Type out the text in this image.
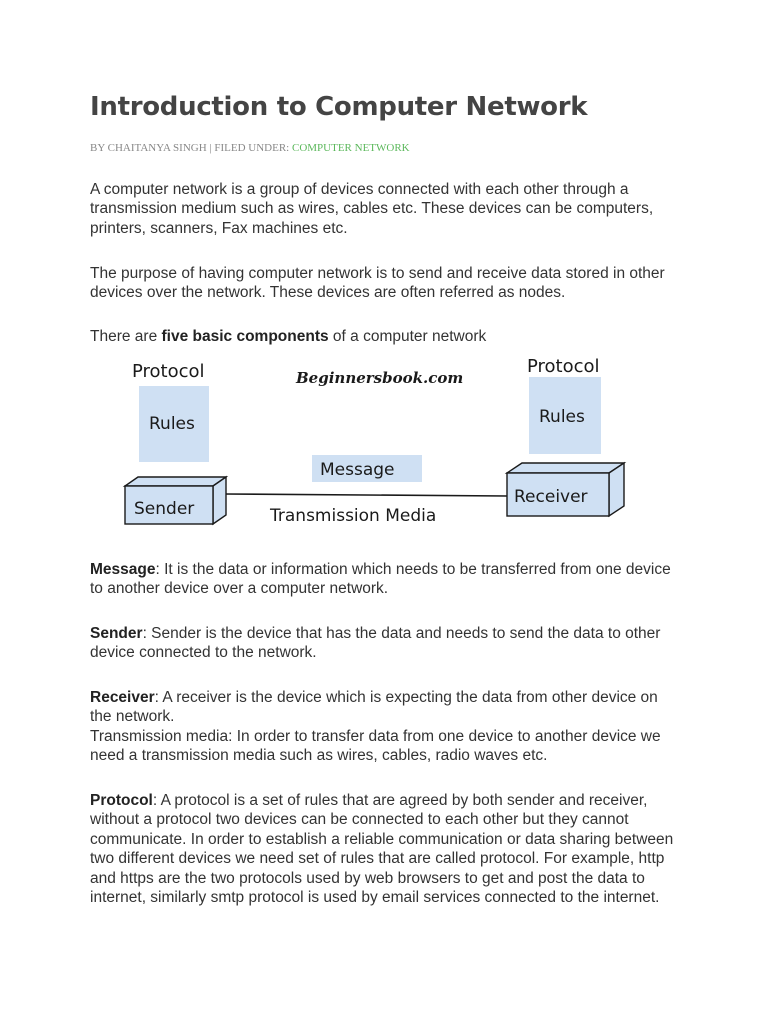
Introduction to Computer Network
BY CHAITANYA SINGH | FILED UNDER: COMPUTER NETWORK

A computer network is a group of devices connected with each other through a transmission medium such as wires, cables etc. These devices can be computers, printers, scanners, Fax machines etc.

The purpose of having computer network is to send and receive data stored in other devices over the network. These devices are often referred as nodes.

There are five basic components of a computer network

Beginnersbook.com
Protocol
Rules
Protocol
Rules
Message
Sender
Receiver
Transmission Media

Message: It is the data or information which needs to be transferred from one device to another device over a computer network.

Sender: Sender is the device that has the data and needs to send the data to other device connected to the network.

Receiver: A receiver is the device which is expecting the data from other device on the network.
Transmission media: In order to transfer data from one device to another device we need a transmission media such as wires, cables, radio waves etc.

Protocol: A protocol is a set of rules that are agreed by both sender and receiver, without a protocol two devices can be connected to each other but they cannot communicate. In order to establish a reliable communication or data sharing between two different devices we need set of rules that are called protocol. For example, http and https are the two protocols used by web browsers to get and post the data to internet, similarly smtp protocol is used by email services connected to the internet.
